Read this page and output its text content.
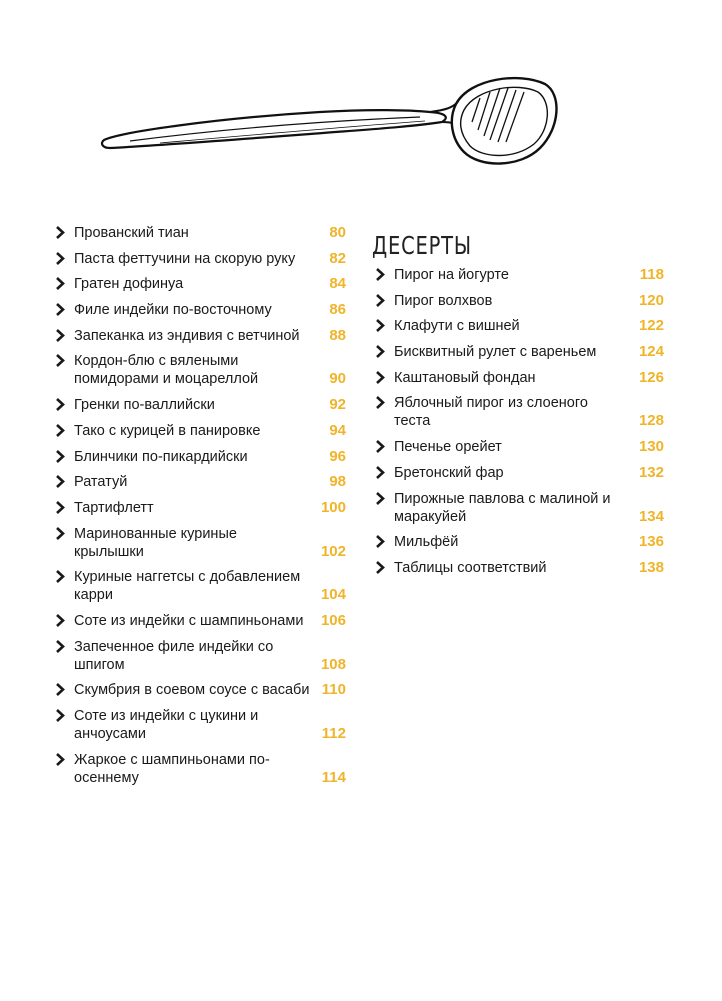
Прованский тиан	80
Паста феттучини на скорую руку	82
Гратен дофинуа	84
Филе индейки по-восточному	86
Запеканка из эндивия с ветчиной	88
Кордон-блю с вялеными помидорами и моцареллой	90
Гренки по-валлийски	92
Тако с курицей в панировке	94
Блинчики по-пикардийски	96
Рататуй	98
Тартифлетт	100
Маринованные куриные крылышки	102
Куриные наггетсы с добавлением карри	104
Соте из индейки с шампиньонами	106
Запеченное филе индейки со шпигом	108
Скумбрия в соевом соусе с васаби 110
Соте из индейки с цукини и анчоусами	112
Жаркое с шампиньонами по-осеннему	114
ДЕСЕРТЫ
Пирог на йогурте	118
Пирог волхвов	120
Клафути с вишней	122
Бисквитный рулет с вареньем	124
Каштановый фондан	126
Яблочный пирог из слоеного теста	128
Печенье орейет	130
Бретонский фар	132
Пирожные павлова с малиной и маракуйей	134
Мильфёй	136
Таблицы соответствий	138
